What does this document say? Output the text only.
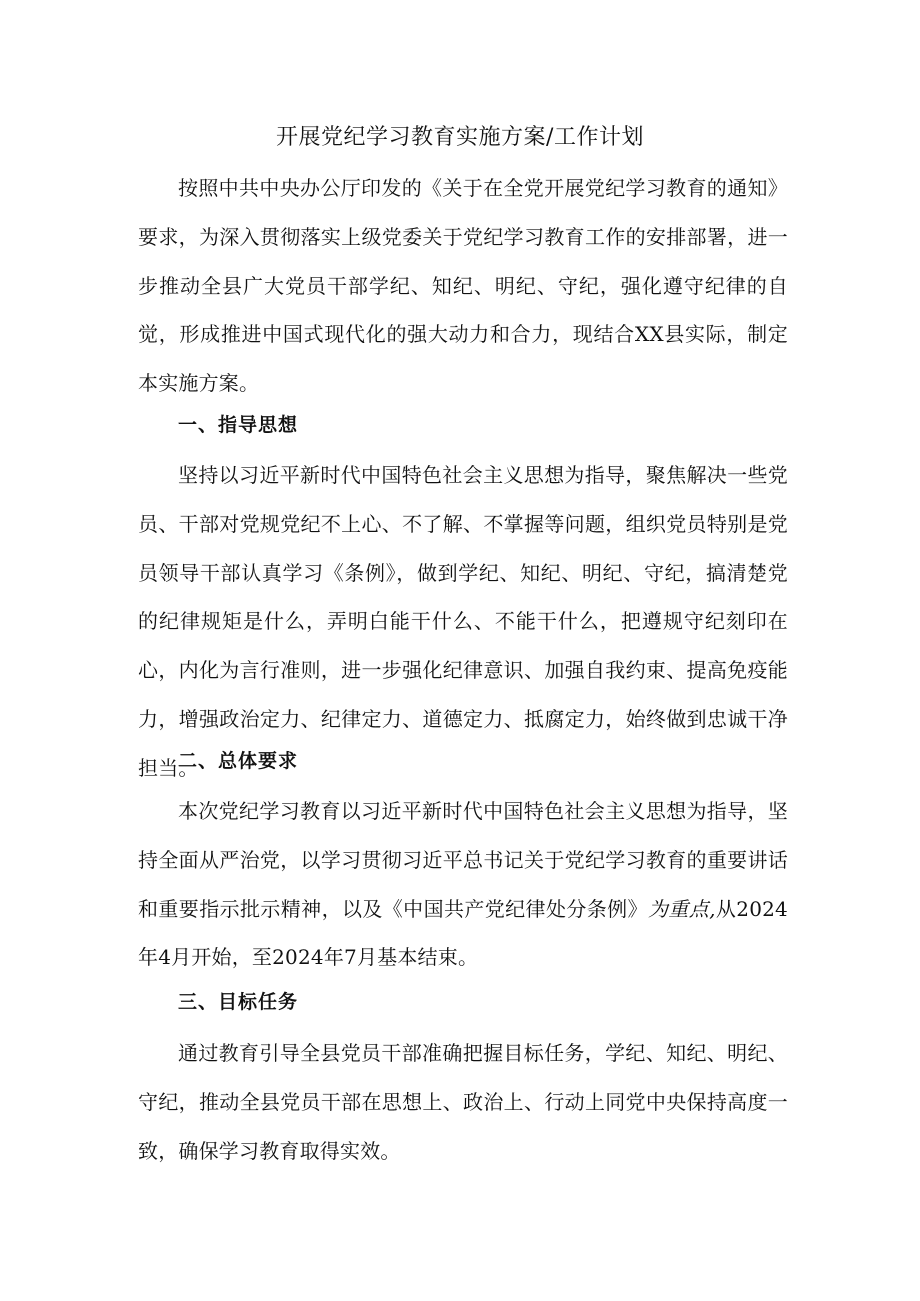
开展党纪学习教育实施方案/工作计划

按照中共中央办公厅印发的《关于在全党开展党纪学习教育的通知》要求，为深入贯彻落实上级党委关于党纪学习教育工作的安排部署，进一步推动全县广大党员干部学纪、知纪、明纪、守纪，强化遵守纪律的自觉，形成推进中国式现代化的强大动力和合力，现结合XX县实际，制定本实施方案。

一、指导思想

坚持以习近平新时代中国特色社会主义思想为指导，聚焦解决一些党员、干部对党规党纪不上心、不了解、不掌握等问题，组织党员特别是党员领导干部认真学习《条例》，做到学纪、知纪、明纪、守纪，搞清楚党的纪律规矩是什么，弄明白能干什么、不能干什么，把遵规守纪刻印在心，内化为言行准则，进一步强化纪律意识、加强自我约束、提高免疫能力，增强政治定力、纪律定力、道德定力、抵腐定力，始终做到忠诚干净担当。

二、总体要求

本次党纪学习教育以习近平新时代中国特色社会主义思想为指导，坚持全面从严治党，以学习贯彻习近平总书记关于党纪学习教育的重要讲话和重要指示批示精神，以及《中国共产党纪律处分条例》为重点,从2024年4月开始，至2024年7月基本结束。

三、目标任务

通过教育引导全县党员干部准确把握目标任务，学纪、知纪、明纪、守纪，推动全县党员干部在思想上、政治上、行动上同党中央保持高度一致，确保学习教育取得实效。
